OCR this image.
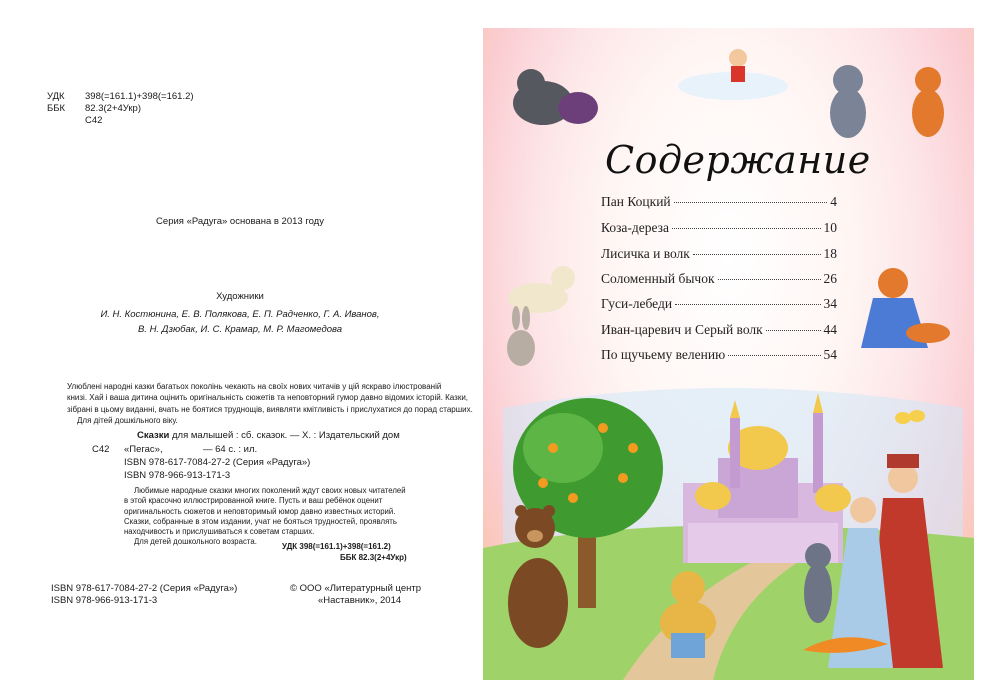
УДК	398(=161.1)+398(=161.2)
ББК	82.3(2+4Укр)
С42
Серия «Радуга» основана в 2013 году
Художники
И. Н. Костюнина, Е. В. Полякова, Е. П. Радченко, Г. А. Иванов,
В. Н. Дзюбак, И. С. Крамар, М. Р. Магомедова
Улюблені народні казки багатьох поколінь чекають на своїх нових читачів у цій яскраво ілюстрованій
книзі. Хай і ваша дитина оцінить оригінальність сюжетів та неповторний гумор давно відомих історій. Казки,
зібрані в цьому виданні, вчать не боятися труднощів, виявляти кмітливість і прислухатися до порад старших.
Для дітей дошкільного віку.
Сказки для малышей : сб. сказок. — Х. : Издательский дом
С42 «Пегас»,	— 64 с. : ил.
ISBN 978-617-7084-27-2 (Серия «Радуга»)
ISBN 978-966-913-171-3
Любимые народные сказки многих поколений ждут своих новых читателей
в этой красочно иллюстрированной книге. Пусть и ваш ребёнок оценит
оригинальность сюжетов и неповторимый юмор давно известных историй.
Сказки, собранные в этом издании, учат не бояться трудностей, проявлять
находчивость и прислушиваться к советам старших.
Для детей дошкольного возраста.
УДК 398(=161.1)+398(=161.2)
ББК 82.3(2+4Укр)
ISBN 978-617-7084-27-2 (Серия «Радуга»)
ISBN 978-966-913-171-3
© ООО «Литературный центр
«Наставник», 2014
Содержание
Пан Коцкий	4
Коза-дереза	10
Лисичка и волк	18
Соломенный бычок	26
Гуси-лебеди	34
Иван-царевич и Серый волк	44
По щучьему велению	54
